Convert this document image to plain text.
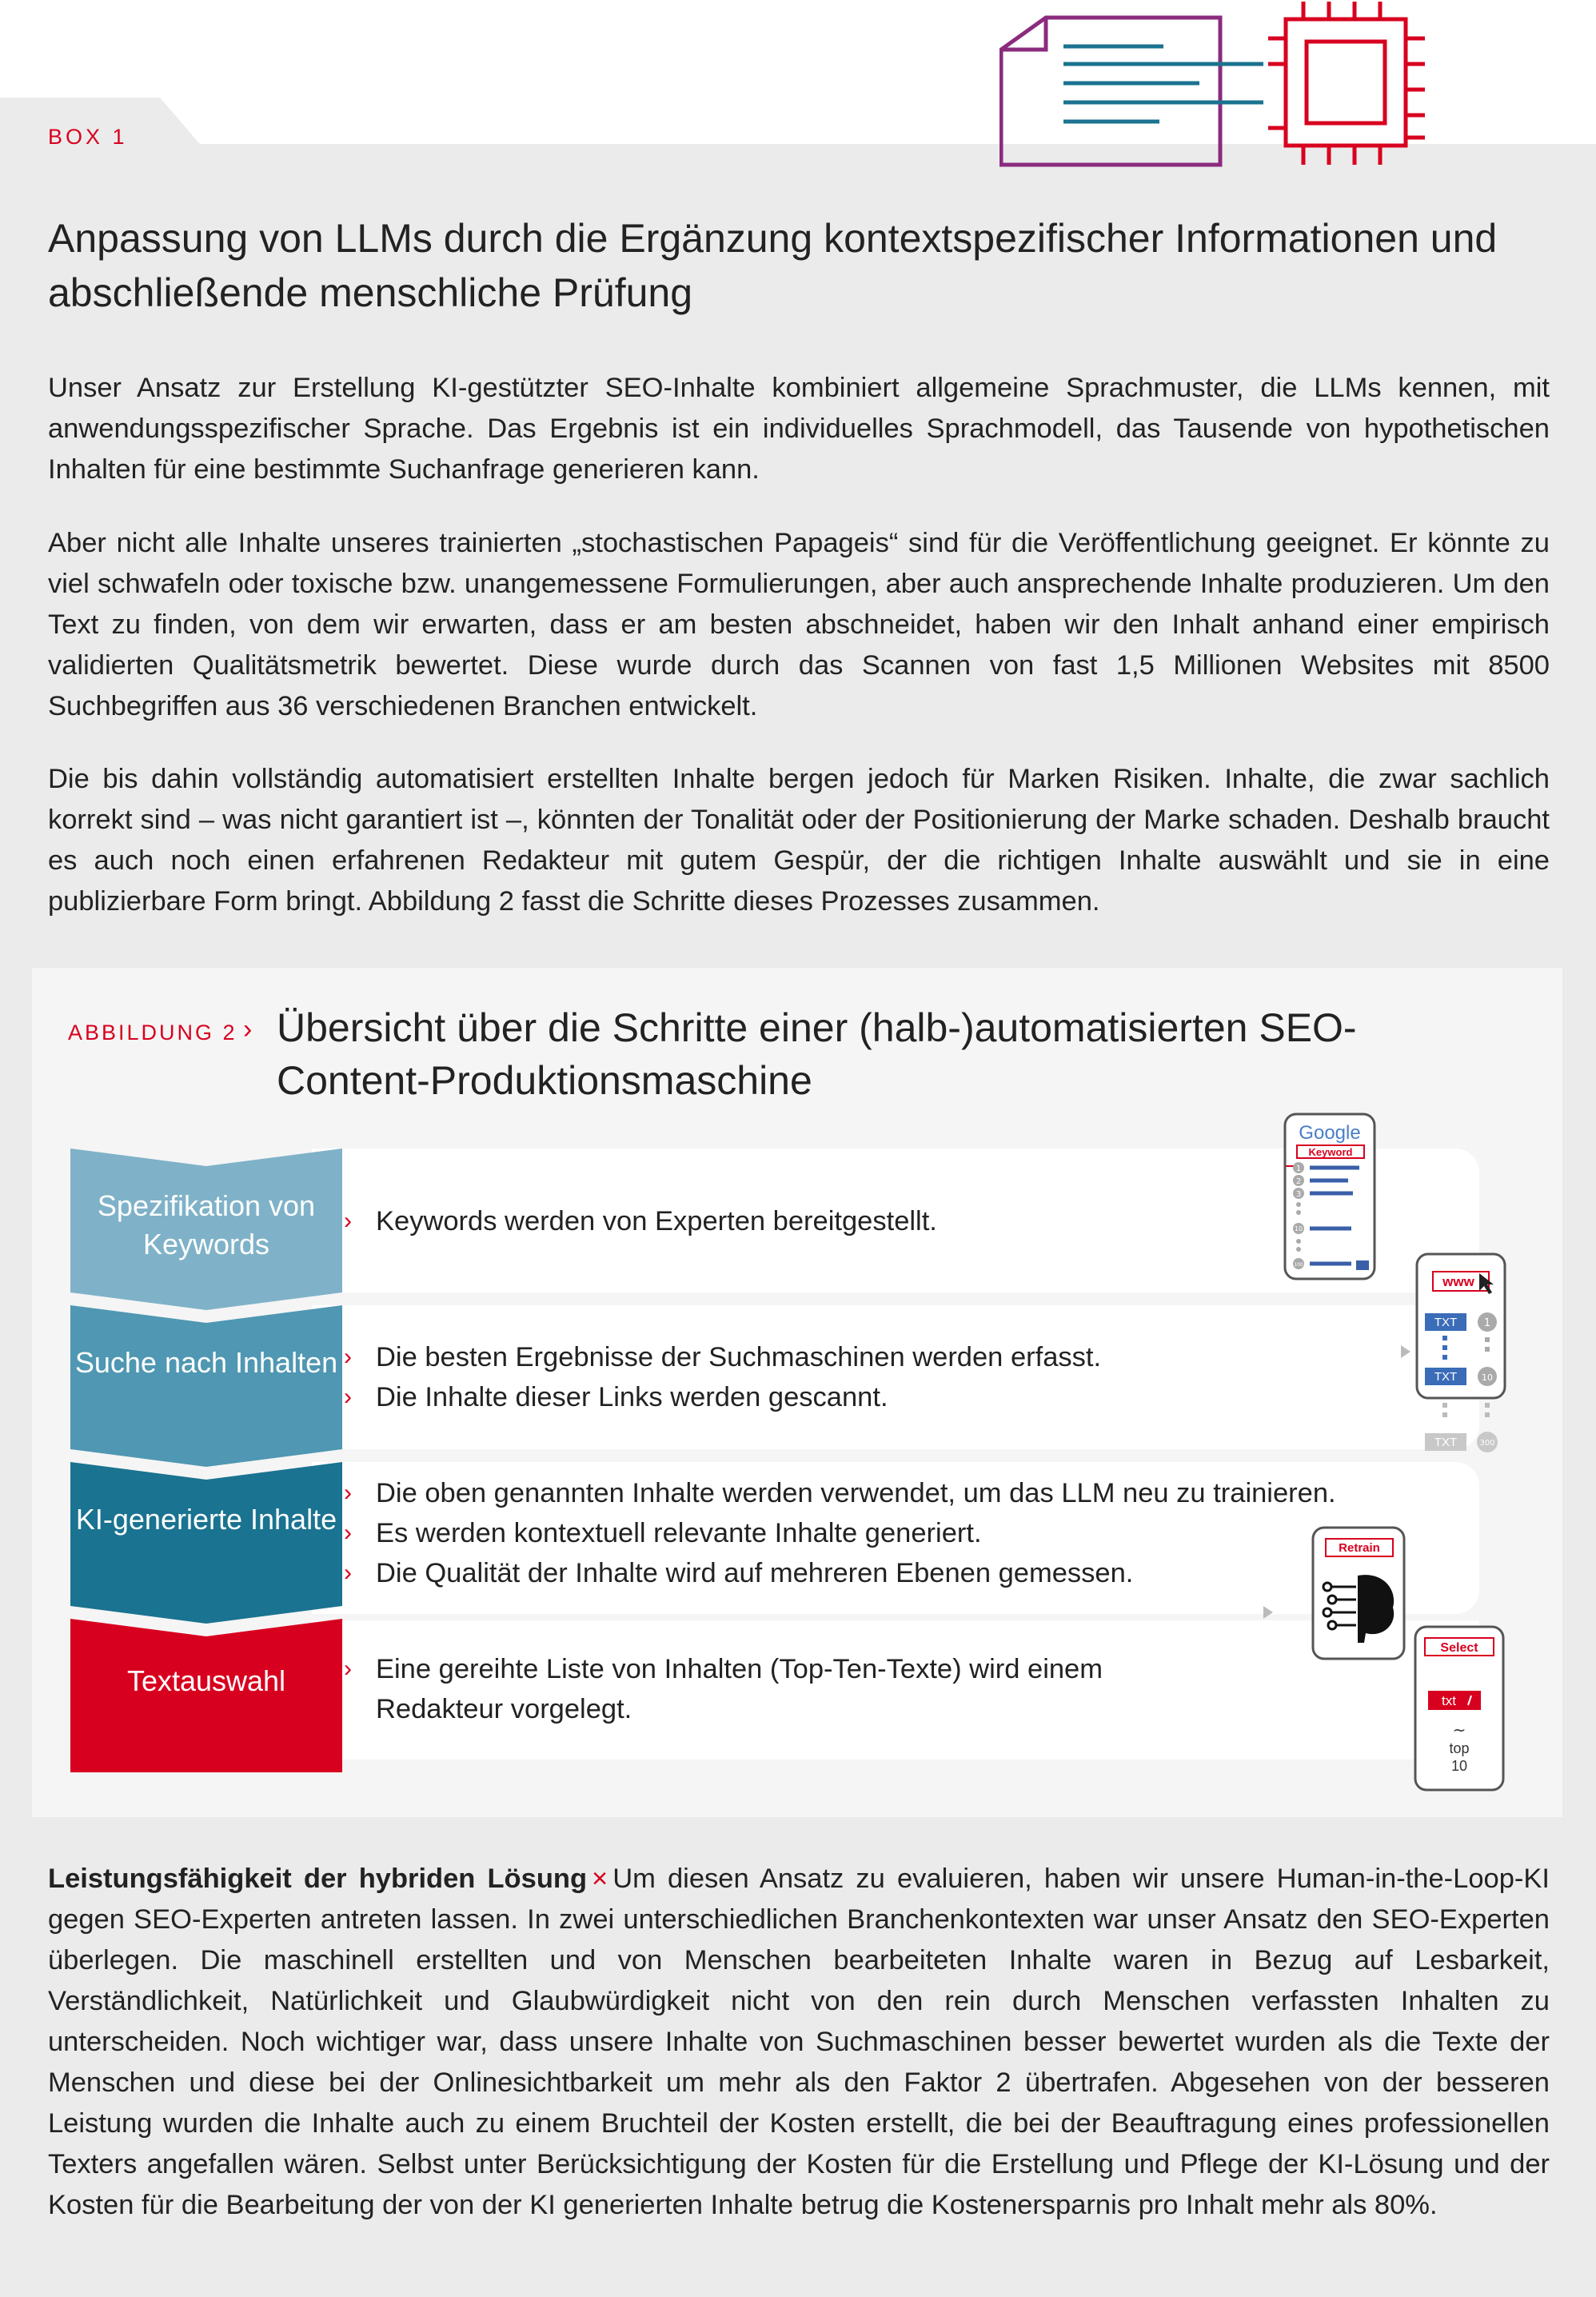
BOX 1
Anpassung von LLMs durch die Ergänzung kontextspezifischer Informationen und abschließende menschliche Prüfung

Unser Ansatz zur Erstellung KI-gestützter SEO-Inhalte kombiniert allgemeine Sprachmuster, die LLMs kennen, mit anwendungsspezifischer Sprache. Das Ergebnis ist ein individuelles Sprachmodell, das Tausende von hypothetischen Inhalten für eine bestimmte Suchanfrage generieren kann.

Aber nicht alle Inhalte unseres trainierten „stochastischen Papageis“ sind für die Veröffentlichung geeignet. Er könnte zu viel schwafeln oder toxische bzw. unangemessene Formulierungen, aber auch ansprechende Inhalte produzieren. Um den Text zu finden, von dem wir erwarten, dass er am besten abschneidet, haben wir den Inhalt anhand einer empirisch validierten Qualitätsmetrik bewertet. Diese wurde durch das Scannen von fast 1,5 Millionen Websites mit 8500 Suchbegriffen aus 36 verschiedenen Branchen entwickelt.

Die bis dahin vollständig automatisiert erstellten Inhalte bergen jedoch für Marken Risiken. Inhalte, die zwar sachlich korrekt sind – was nicht garantiert ist –, könnten der Tonalität oder der Positionierung der Marke schaden. Deshalb braucht es auch noch einen erfahrenen Redakteur mit gutem Gespür, der die richtigen Inhalte auswählt und sie in eine publizierbare Form bringt. Abbildung 2 fasst die Schritte dieses Prozesses zusammen.

ABBILDUNG 2 › Übersicht über die Schritte einer (halb-)automatisierten SEO-Content-Produktionsmaschine
Spezifikation von Keywords
Suche nach Inhalten
KI-generierte Inhalte
Textauswahl
› Keywords werden von Experten bereitgestellt.
› Die besten Ergebnisse der Suchmaschinen werden erfasst.
› Die Inhalte dieser Links werden gescannt.
› Die oben genannten Inhalte werden verwendet, um das LLM neu zu trainieren.
› Es werden kontextuell relevante Inhalte generiert.
› Die Qualität der Inhalte wird auf mehreren Ebenen gemessen.
› Eine gereihte Liste von Inhalten (Top-Ten-Texte) wird einem
Redakteur vorgelegt.
Google
Keyword
1
2
3
10
100
www
TXT	1
TXT	10
TXT	300
Retrain
Select
txt
~
top
10

Leistungsfähigkeit der hybriden Lösung × Um diesen Ansatz zu evaluieren, haben wir unsere Human-in-the-Loop-KI gegen SEO-Experten antreten lassen. In zwei unterschiedlichen Branchenkontexten war unser Ansatz den SEO-Experten überlegen. Die maschinell erstellten und von Menschen bearbeiteten Inhalte waren in Bezug auf Lesbarkeit, Verständlichkeit, Natürlichkeit und Glaubwürdigkeit nicht von den rein durch Menschen verfassten Inhalten zu unterscheiden. Noch wichtiger war, dass unsere Inhalte von Suchmaschinen besser bewertet wurden als die Texte der Menschen und diese bei der Onlinesichtbarkeit um mehr als den Faktor 2 übertrafen. Abgesehen von der besseren Leistung wurden die Inhalte auch zu einem Bruchteil der Kosten erstellt, die bei der Beauftragung eines professionellen Texters angefallen wären. Selbst unter Berücksichtigung der Kosten für die Erstellung und Pflege der KI-Lösung und der Kosten für die Bearbeitung der von der KI generierten Inhalte betrug die Kostenersparnis pro Inhalt mehr als 80%.
